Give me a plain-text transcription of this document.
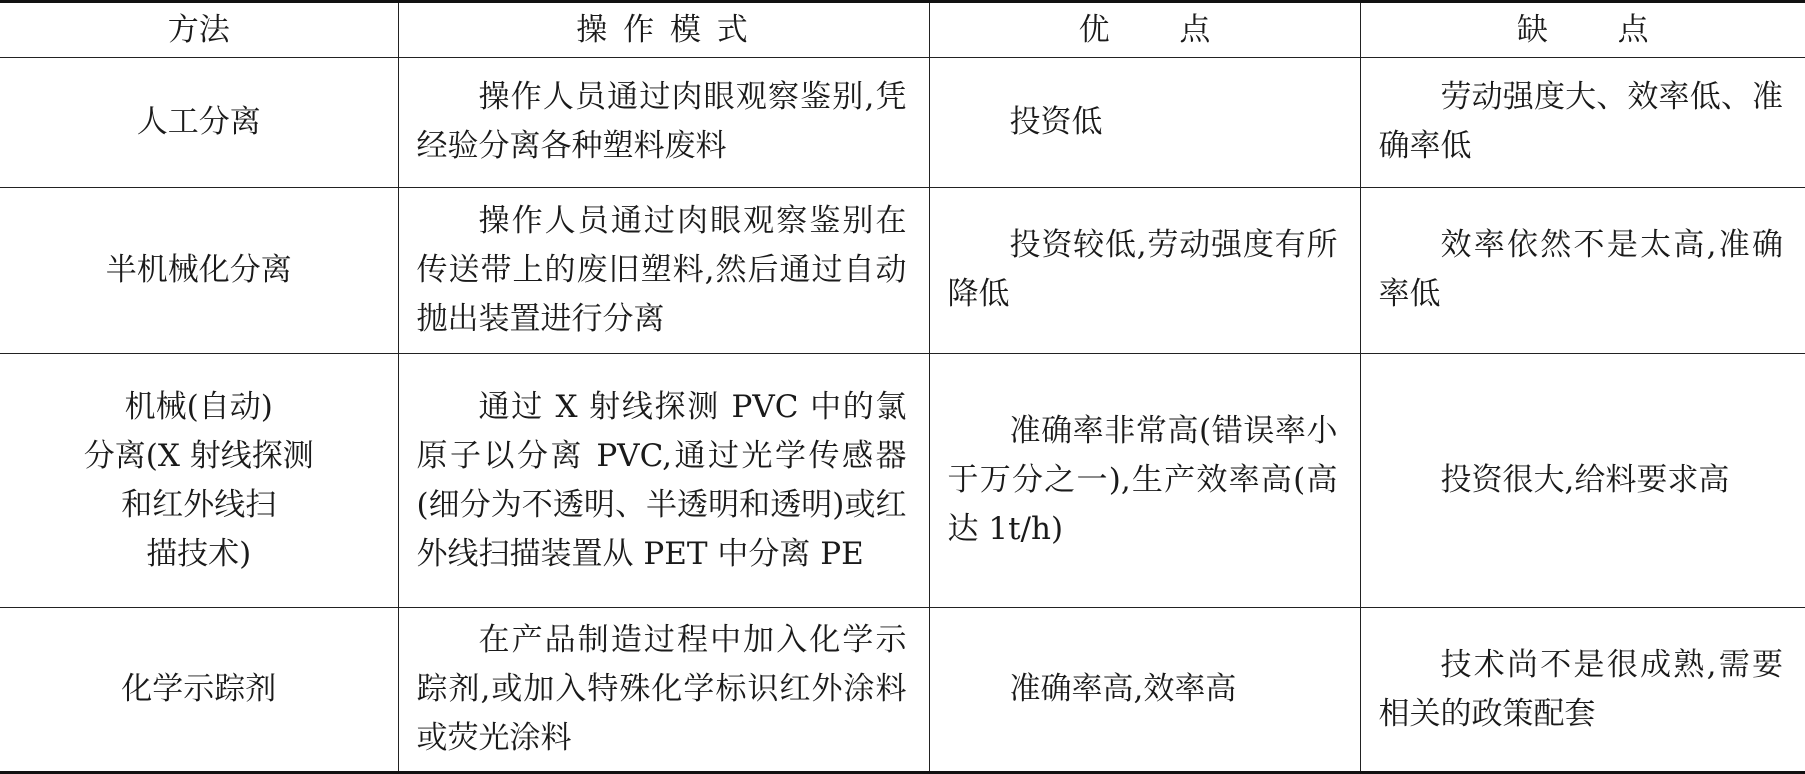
方法	操 作 模 式	优 点	缺 点
人工分离	操作人员通过肉眼观察鉴别,凭经验分离各种塑料废料	投资低	劳动强度大、效率低、准确率低

半机械化分离	操作人员通过肉眼观察鉴别在传送带上的废旧塑料,然后通过自动抛出装置进行分离	投资较低,劳动强度有所降低	效率依然不是太高,准确率低

机械(自动)
分离(X 射线探测
和红外线扫
描技术)	通过 X 射线探测 PVC 中的氯原子以分离 PVC,通过光学传感器(细分为不透明、半透明和透明)或红外线扫描装置从 PET 中分离 PE	准确率非常高(错误率小于万分之一),生产效率高(高达 1t/h)	投资很大,给料要求高

化学示踪剂	在产品制造过程中加入化学示踪剂,或加入特殊化学标识红外涂料或荧光涂料	准确率高,效率高	技术尚不是很成熟,需要相关的政策配套
